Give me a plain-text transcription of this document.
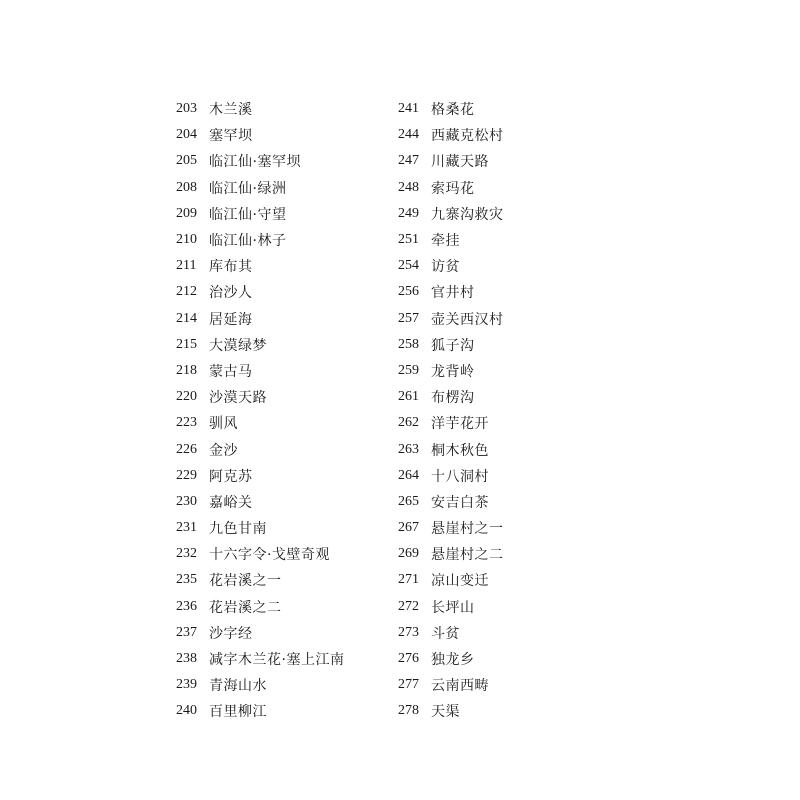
203 木兰溪
204 塞罕坝
205 临江仙·塞罕坝
208 临江仙·绿洲
209 临江仙·守望
210 临江仙·林子
211 库布其
212 治沙人
214 居延海
215 大漠绿梦
218 蒙古马
220 沙漠天路
223 驯风
226 金沙
229 阿克苏
230 嘉峪关
231 九色甘南
232 十六字令·戈壁奇观
235 花岩溪之一
236 花岩溪之二
237 沙字经
238 减字木兰花·塞上江南
239 青海山水
240 百里柳江
241 格桑花
244 西藏克松村
247 川藏天路
248 索玛花
249 九寨沟救灾
251 牵挂
254 访贫
256 官井村
257 壶关西汉村
258 狐子沟
259 龙背岭
261 布楞沟
262 洋芋花开
263 桐木秋色
264 十八洞村
265 安吉白茶
267 悬崖村之一
269 悬崖村之二
271 凉山变迁
272 长坪山
273 斗贫
276 独龙乡
277 云南西畴
278 天渠
